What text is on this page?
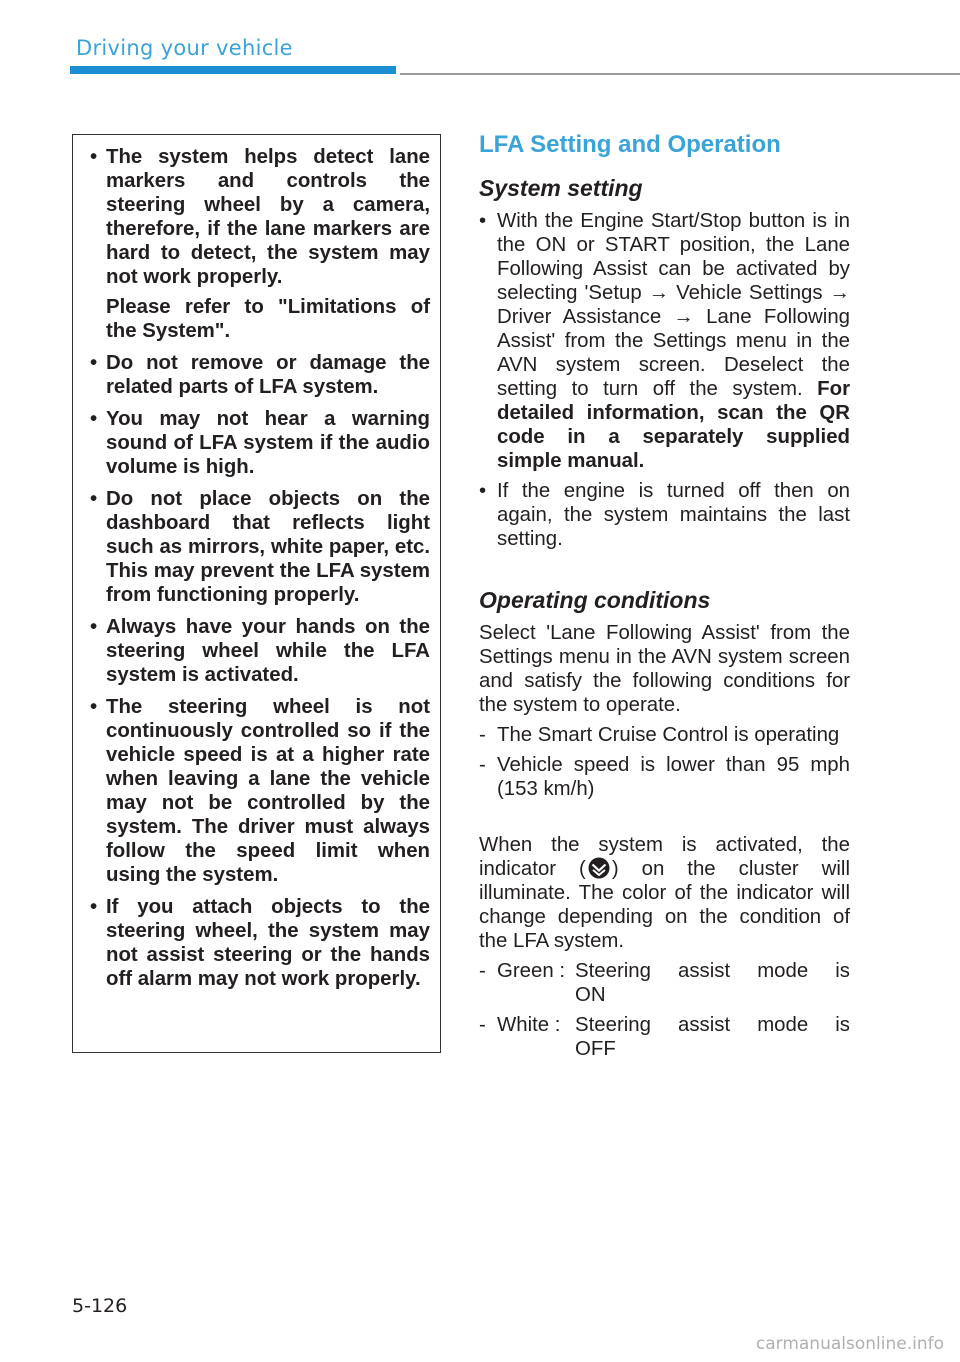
Driving your vehicle

• The system helps detect lane markers and controls the steering wheel by a camera, therefore, if the lane markers are hard to detect, the system may not work properly.

Please refer to "Limitations of the System".

• Do not remove or damage the related parts of LFA system.

• You may not hear a warning sound of LFA system if the audio volume is high.

• Do not place objects on the dashboard that reflects light such as mirrors, white paper, etc. This may prevent the LFA system from functioning properly.

• Always have your hands on the steering wheel while the LFA system is activated.

• The steering wheel is not continuously controlled so if the vehicle speed is at a higher rate when leaving a lane the vehicle may not be controlled by the system. The driver must always follow the speed limit when using the system.

• If you attach objects to the steering wheel, the system may not assist steering or the hands off alarm may not work properly.

LFA Setting and Operation
System setting
• With the Engine Start/Stop button is in the ON or START position, the Lane Following Assist can be activated by selecting 'Setup → Vehicle Settings → Driver Assistance → Lane Following Assist' from the Settings menu in the AVN system screen. Deselect the setting to turn off the system. For detailed information, scan the QR code in a separately supplied simple manual.
• If the engine is turned off then on again, the system maintains the last setting.
Operating conditions

Select 'Lane Following Assist' from the Settings menu in the AVN system screen and satisfy the following conditions for the system to operate.

- The Smart Cruise Control is operating
- Vehicle speed is lower than 95 mph (153 km/h)

When the system is activated, the indicator ( ) on the cluster will illuminate. The color of the indicator will change depending on the condition of the LFA system.

- Green : Steering assist mode is
ON
- White : Steering assist mode is
OFF
5-126
carmanualsonline.info
